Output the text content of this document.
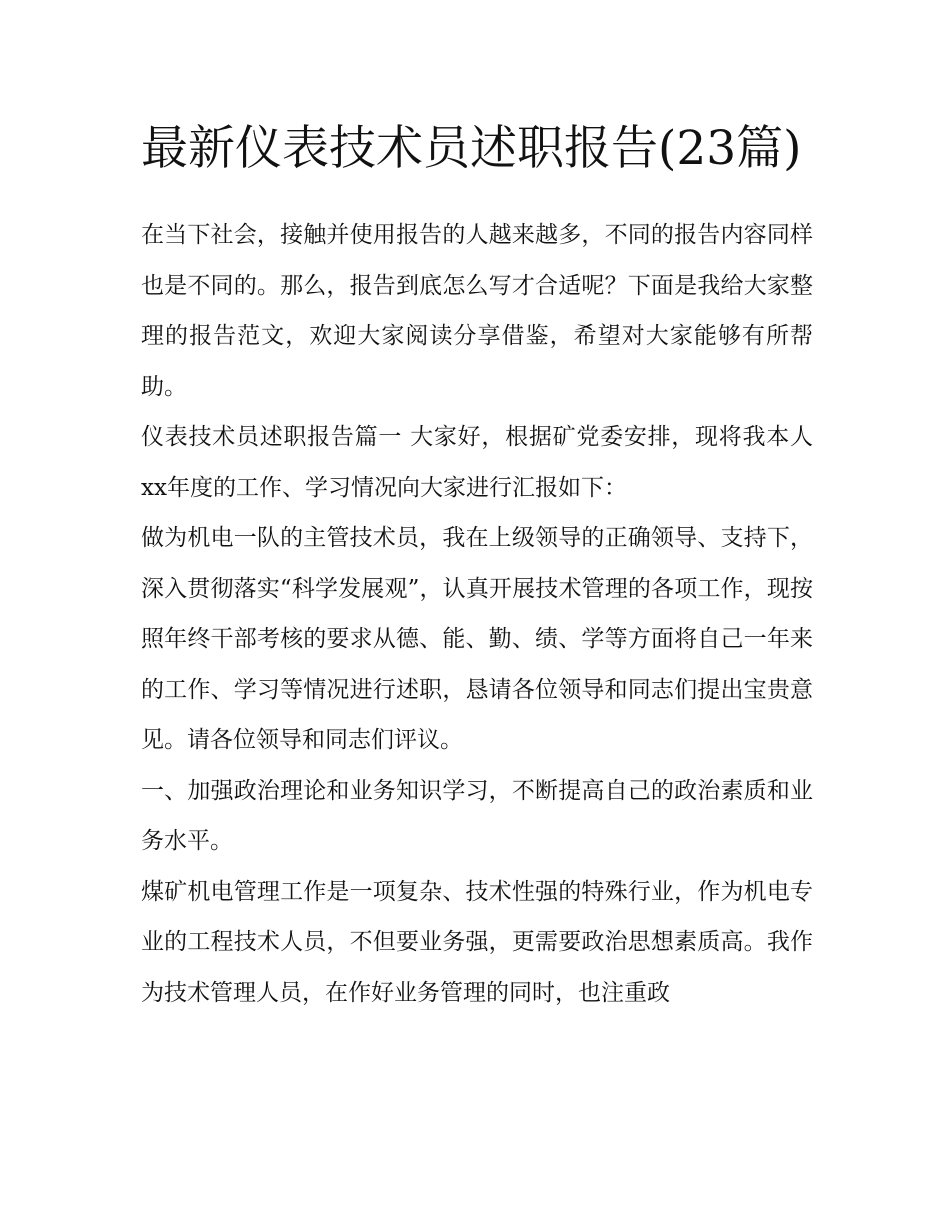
最新仪表技术员述职报告(23篇)

在当下社会，接触并使用报告的人越来越多，不同的报告内容同样也是不同的。那么，报告到底怎么写才合适呢？下面是我给大家整理的报告范文，欢迎大家阅读分享借鉴，希望对大家能够有所帮助。

仪表技术员述职报告篇一 大家好，根据矿党委安排，现将我本人xx年度的工作、学习情况向大家进行汇报如下：

做为机电一队的主管技术员，我在上级领导的正确领导、支持下，深入贯彻落实“科学发展观”，认真开展技术管理的各项工作，现按照年终干部考核的要求从德、能、勤、绩、学等方面将自己一年来的工作、学习等情况进行述职，恳请各位领导和同志们提出宝贵意见。请各位领导和同志们评议。

一、加强政治理论和业务知识学习，不断提高自己的政治素质和业务水平。

煤矿机电管理工作是一项复杂、技术性强的特殊行业，作为机电专业的工程技术人员，不但要业务强，更需要政治思想素质高。我作为技术管理人员，在作好业务管理的同时，也注重政
